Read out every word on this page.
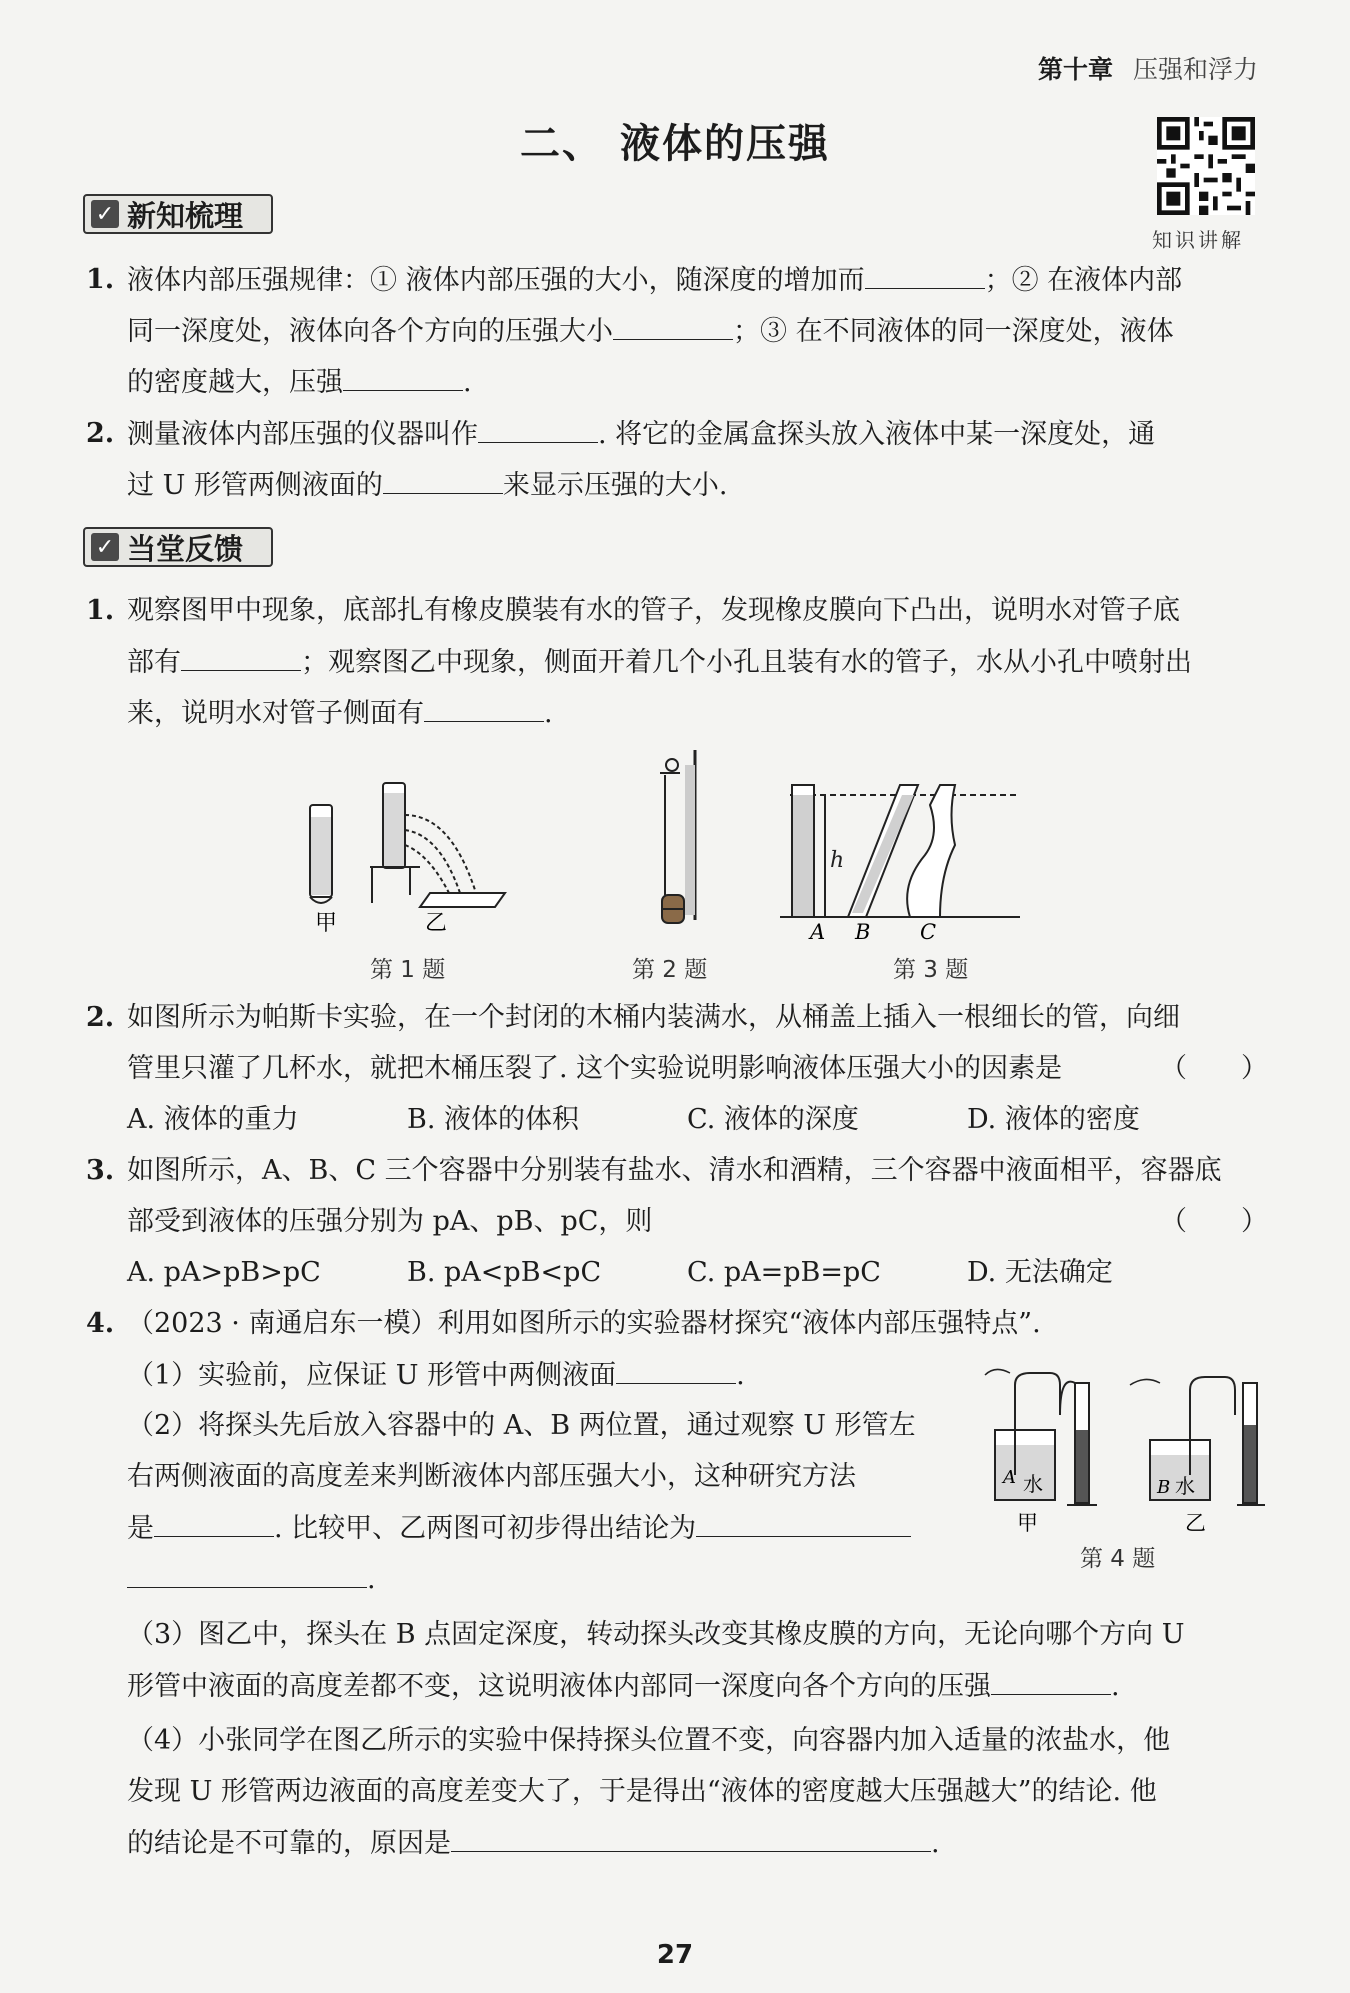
第十章 压强和浮力
二、 液体的压强
知识讲解
✓ 新知梳理
1. 液体内部压强规律：① 液体内部压强的大小，随深度的增加而	；② 在液体内部
同一深度处，液体向各个方向的压强大小	；③ 在不同液体的同一深度处，液体
的密度越大，压强	.
2. 测量液体内部压强的仪器叫作	. 将它的金属盒探头放入液体中某一深度处，通
过 U 形管两侧液面的	来显示压强的大小.
✓ 当堂反馈
1. 观察图甲中现象，底部扎有橡皮膜装有水的管子，发现橡皮膜向下凸出，说明水对管子底
部有	；观察图乙中现象，侧面开着几个小孔且装有水的管子，水从小孔中喷射出
来，说明水对管子侧面有	.
甲	乙
h
A B C
第 1 题	第 2 题	第 3 题
2. 如图所示为帕斯卡实验，在一个封闭的木桶内装满水，从桶盖上插入一根细长的管，向细
管里只灌了几杯水，就把木桶压裂了. 这个实验说明影响液体压强大小的因素是	（　　）
A. 液体的重力	B. 液体的体积	C. 液体的深度	D. 液体的密度
3. 如图所示，A、B、C 三个容器中分别装有盐水、清水和酒精，三个容器中液面相平，容器底
部受到液体的压强分别为 pA、pB、pC，则	（　　）
A. pA>pB>pC	B. pA<pB<pC	C. pA=pB=pC	D. 无法确定
4. （2023 · 南通启东一模）利用如图所示的实验器材探究“液体内部压强特点”.
（1）实验前，应保证 U 形管中两侧液面	.
（2）将探头先后放入容器中的 A、B 两位置，通过观察 U 形管左
右两侧液面的高度差来判断液体内部压强大小，这种研究方法
是	. 比较甲、乙两图可初步得出结论为
.
A 水	B 水
甲	乙
第 4 题
（3）图乙中，探头在 B 点固定深度，转动探头改变其橡皮膜的方向，无论向哪个方向 U
形管中液面的高度差都不变，这说明液体内部同一深度向各个方向的压强	.
（4）小张同学在图乙所示的实验中保持探头位置不变，向容器内加入适量的浓盐水，他
发现 U 形管两边液面的高度差变大了，于是得出“液体的密度越大压强越大”的结论. 他
的结论是不可靠的，原因是	.
27
